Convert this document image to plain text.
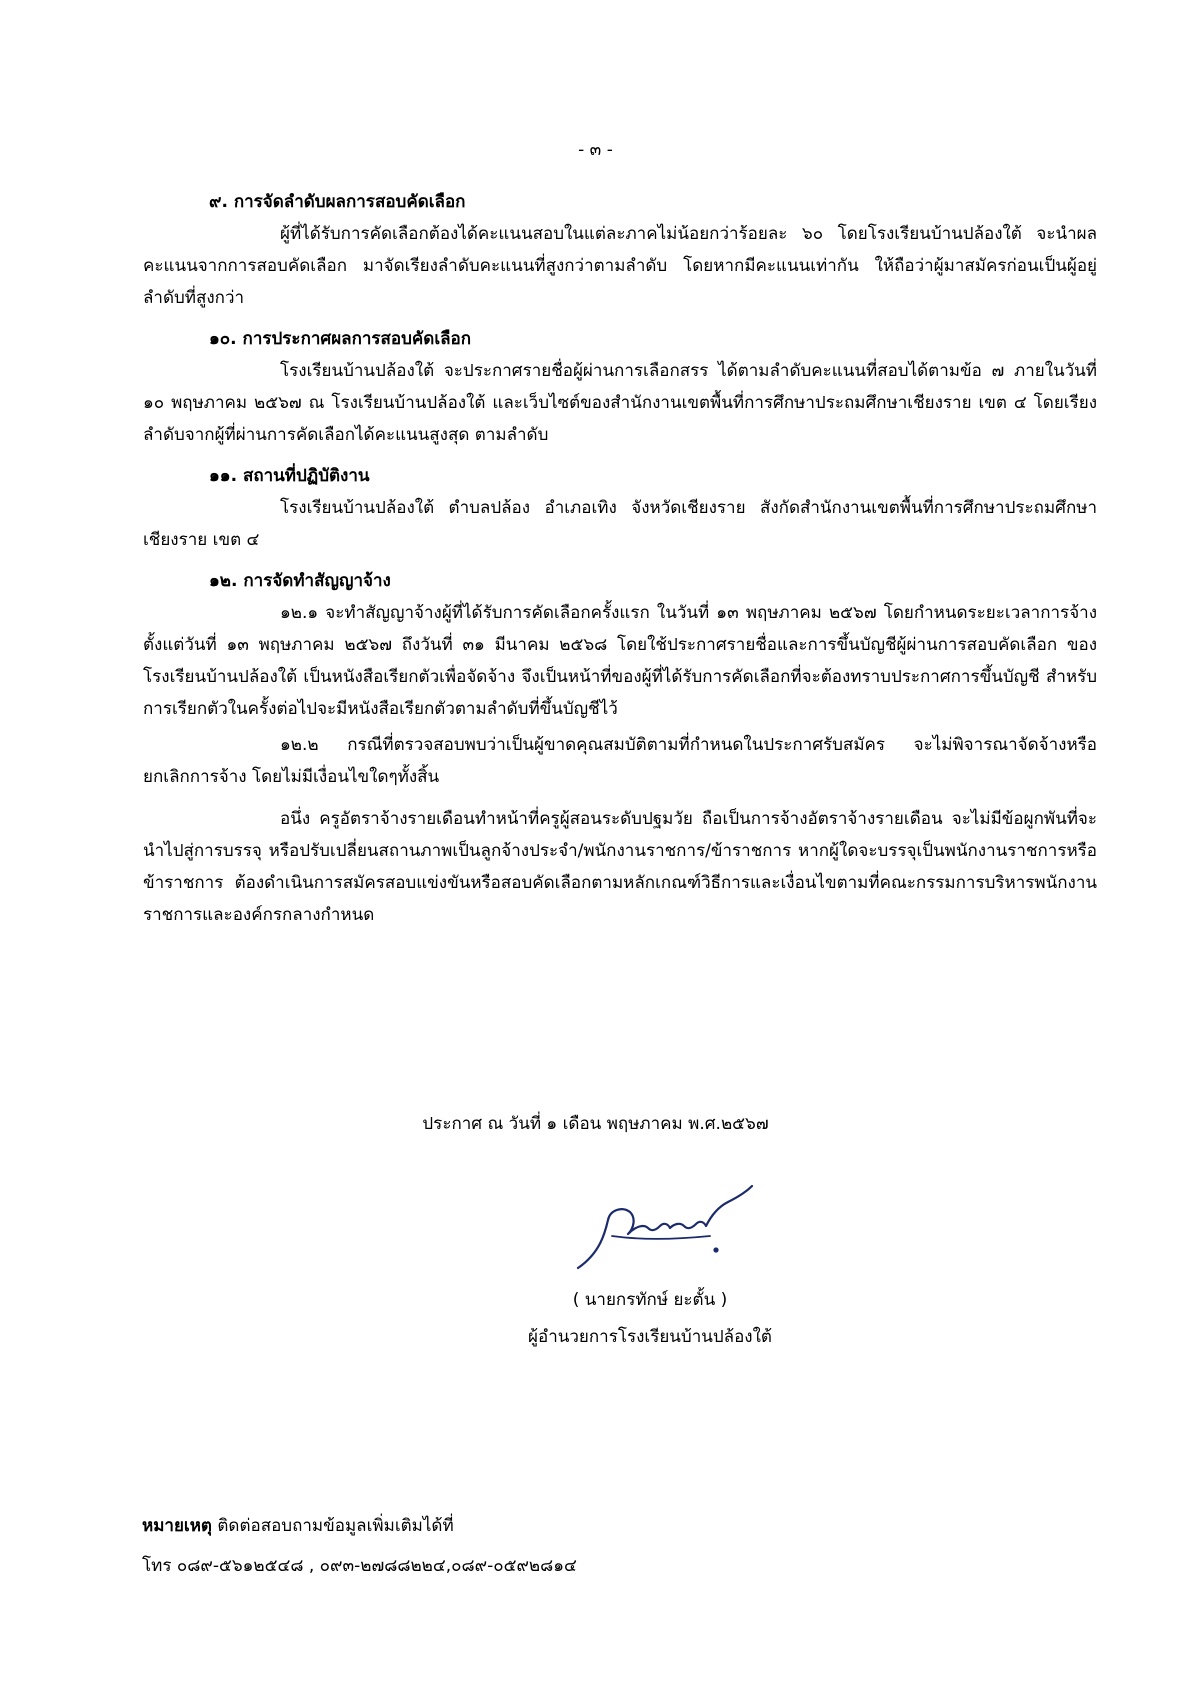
- ๓ -

๙. การจัดลำดับผลการสอบคัดเลือก

ผู้ที่ได้รับการคัดเลือกต้องได้คะแนนสอบในแต่ละภาคไม่น้อยกว่าร้อยละ ๖๐ โดยโรงเรียนบ้านปล้องใต้ จะนำผลคะแนนจากการสอบคัดเลือก มาจัดเรียงลำดับคะแนนที่สูงกว่าตามลำดับ โดยหากมีคะแนนเท่ากัน ให้ถือว่าผู้มาสมัครก่อนเป็นผู้อยู่ลำดับที่สูงกว่า

๑๐. การประกาศผลการสอบคัดเลือก

โรงเรียนบ้านปล้องใต้ จะประกาศรายชื่อผู้ผ่านการเลือกสรร ได้ตามลำดับคะแนนที่สอบได้ตามข้อ ๗ ภายในวันที่ ๑๐ พฤษภาคม ๒๕๖๗ ณ โรงเรียนบ้านปล้องใต้ และเว็บไซต์ของสำนักงานเขตพื้นที่การศึกษาประถมศึกษาเชียงราย เขต ๔ โดยเรียงลำดับจากผู้ที่ผ่านการคัดเลือกได้คะแนนสูงสุด ตามลำดับ

๑๑. สถานที่ปฏิบัติงาน

โรงเรียนบ้านปล้องใต้ ตำบลปล้อง อำเภอเทิง จังหวัดเชียงราย สังกัดสำนักงานเขตพื้นที่การศึกษาประถมศึกษาเชียงราย เขต ๔

๑๒. การจัดทำสัญญาจ้าง

๑๒.๑ จะทำสัญญาจ้างผู้ที่ได้รับการคัดเลือกครั้งแรก ในวันที่ ๑๓ พฤษภาคม ๒๕๖๗ โดยกำหนดระยะเวลาการจ้าง ตั้งแต่วันที่ ๑๓ พฤษภาคม ๒๕๖๗ ถึงวันที่ ๓๑ มีนาคม ๒๕๖๘ โดยใช้ประกาศรายชื่อและการขึ้นบัญชีผู้ผ่านการสอบคัดเลือก ของโรงเรียนบ้านปล้องใต้ เป็นหนังสือเรียกตัวเพื่อจัดจ้าง จึงเป็นหน้าที่ของผู้ที่ได้รับการคัดเลือกที่จะต้องทราบประกาศการขึ้นบัญชี สำหรับการเรียกตัวในครั้งต่อไปจะมีหนังสือเรียกตัวตามลำดับที่ขึ้นบัญชีไว้

๑๒.๒ กรณีที่ตรวจสอบพบว่าเป็นผู้ขาดคุณสมบัติตามที่กำหนดในประกาศรับสมัคร จะไม่พิจารณาจัดจ้างหรือยกเลิกการจ้าง โดยไม่มีเงื่อนไขใดๆทั้งสิ้น

อนึ่ง ครูอัตราจ้างรายเดือนทำหน้าที่ครูผู้สอนระดับปฐมวัย ถือเป็นการจ้างอัตราจ้างรายเดือน จะไม่มีข้อผูกพันที่จะนำไปสู่การบรรจุ หรือปรับเปลี่ยนสถานภาพเป็นลูกจ้างประจำ/พนักงานราชการ/ข้าราชการ หากผู้ใดจะบรรจุเป็นพนักงานราชการหรือข้าราชการ ต้องดำเนินการสมัครสอบแข่งขันหรือสอบคัดเลือกตามหลักเกณฑ์วิธีการและเงื่อนไขตามที่คณะกรรมการบริหารพนักงานราชการและองค์กรกลางกำหนด

ประกาศ ณ วันที่ ๑ เดือน พฤษภาคม พ.ศ.๒๕๖๗
( นายกรทักษ์ ยะตั้น )
ผู้อำนวยการโรงเรียนบ้านปล้องใต้
หมายเหตุ ติดต่อสอบถามข้อมูลเพิ่มเติมได้ที่
โทร ๐๘๙-๕๖๑๒๕๔๘ , ๐๙๓-๒๗๘๘๒๒๔,๐๘๙-๐๕๙๒๘๑๔
